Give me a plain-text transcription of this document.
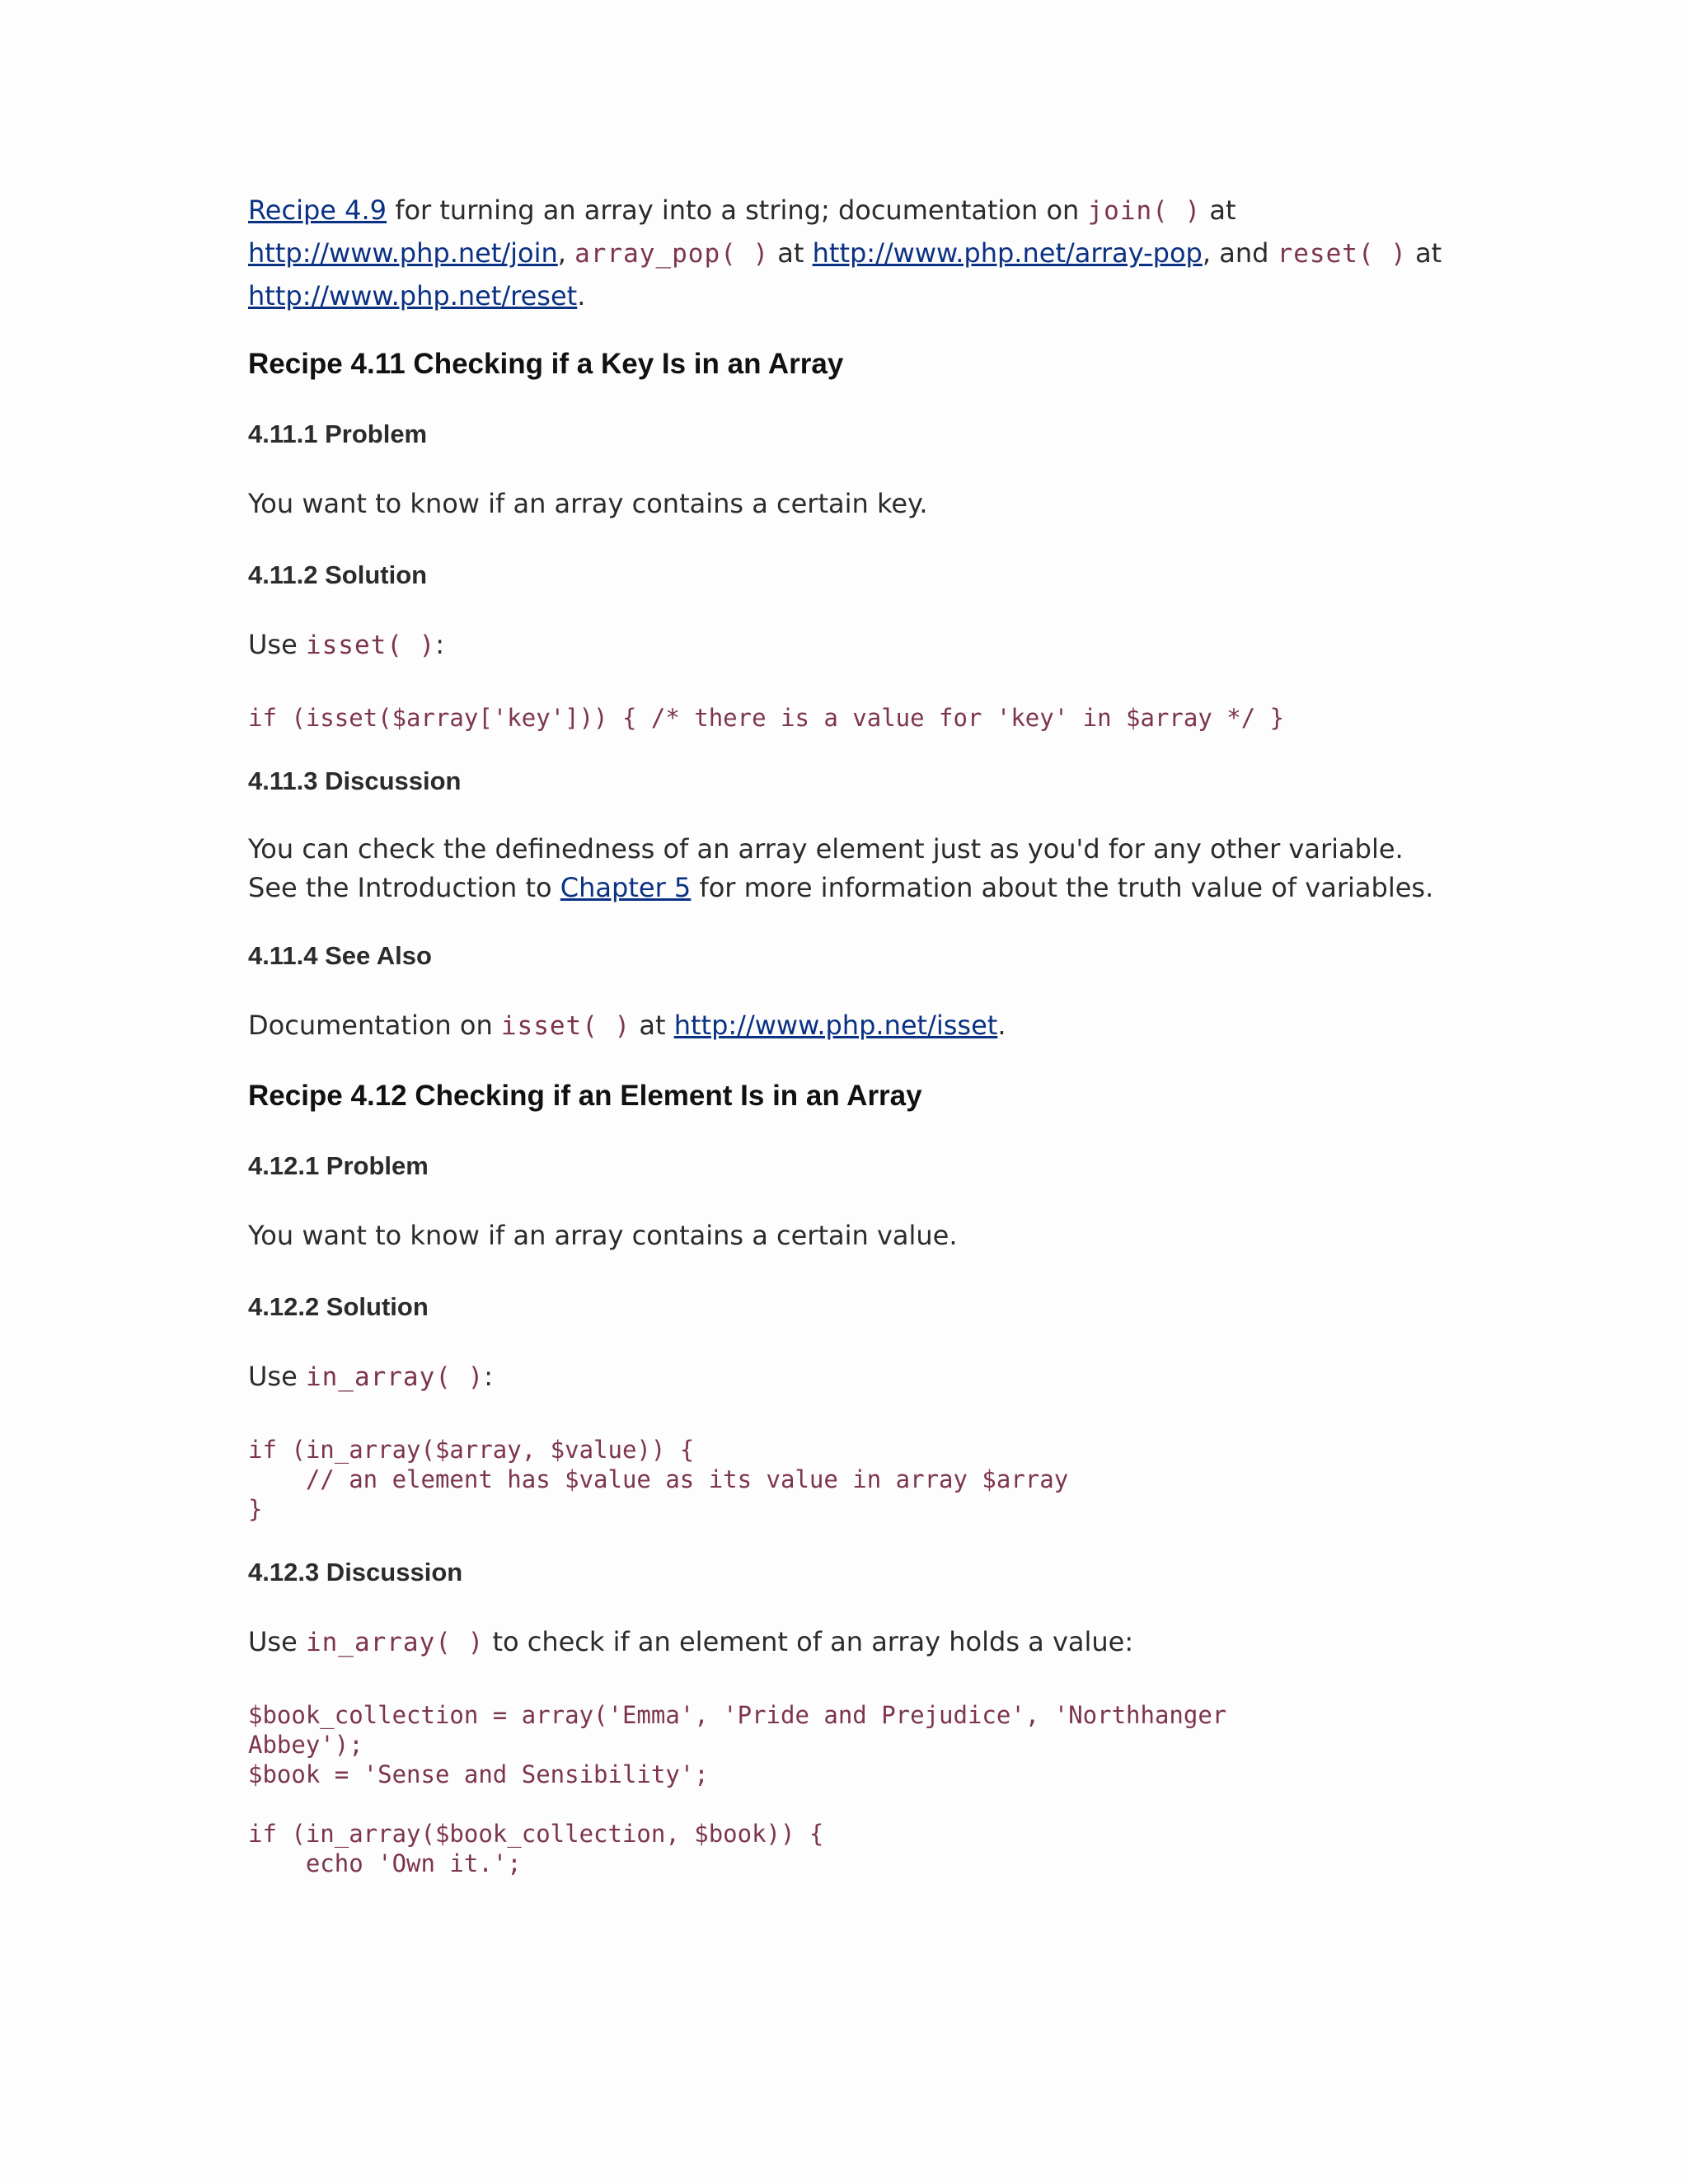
Recipe 4.9 for turning an array into a string; documentation on join( ) at
http://www.php.net/join, array_pop( ) at http://www.php.net/array-pop, and reset( ) at
http://www.php.net/reset.

Recipe 4.11 Checking if a Key Is in an Array
4.11.1 Problem

You want to know if an array contains a certain key.

4.11.2 Solution

Use isset( ):

if (isset($array['key'])) { /* there is a value for 'key' in $array */ }
4.11.3 Discussion

You can check the definedness of an array element just as you'd for any other variable. See the Introduction to Chapter 5 for more information about the truth value of variables.

4.11.4 See Also

Documentation on isset( ) at http://www.php.net/isset.

Recipe 4.12 Checking if an Element Is in an Array
4.12.1 Problem

You want to know if an array contains a certain value.

4.12.2 Solution

Use in_array( ):

if (in_array($array, $value)) {
// an element has $value as its value in array $array
}
4.12.3 Discussion

Use in_array( ) to check if an element of an array holds a value:

$book_collection = array('Emma', 'Pride and Prejudice', 'Northhanger
Abbey');
$book = 'Sense and Sensibility';

if (in_array($book_collection, $book)) {
echo 'Own it.';
